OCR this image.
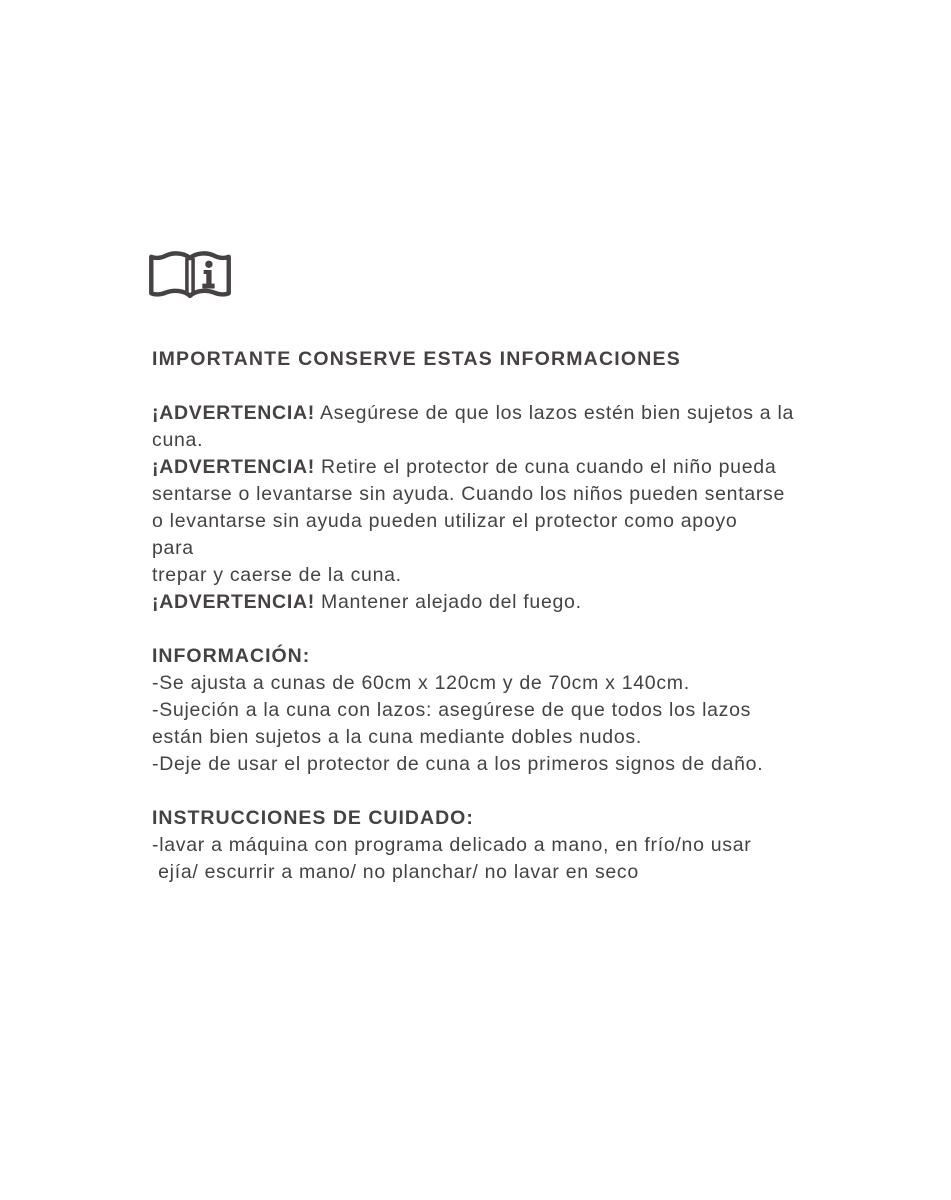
IMPORTANTE CONSERVE ESTAS INFORMACIONES
¡ADVERTENCIA! Asegúrese de que los lazos estén bien sujetos a la
cuna.
¡ADVERTENCIA! Retire el protector de cuna cuando el niño pueda
sentarse o levantarse sin ayuda. Cuando los niños pueden sentarse
o levantarse sin ayuda pueden utilizar el protector como apoyo
para
trepar y caerse de la cuna.
¡ADVERTENCIA! Mantener alejado del fuego.
INFORMACIÓN:
-Se ajusta a cunas de 60cm x 120cm y de 70cm x 140cm.
-Sujeción a la cuna con lazos: asegúrese de que todos los lazos
están bien sujetos a la cuna mediante dobles nudos.
-Deje de usar el protector de cuna a los primeros signos de daño.
INSTRUCCIONES DE CUIDADO:
-lavar a máquina con programa delicado a mano, en frío/no usar
ejía/ escurrir a mano/ no planchar/ no lavar en seco
